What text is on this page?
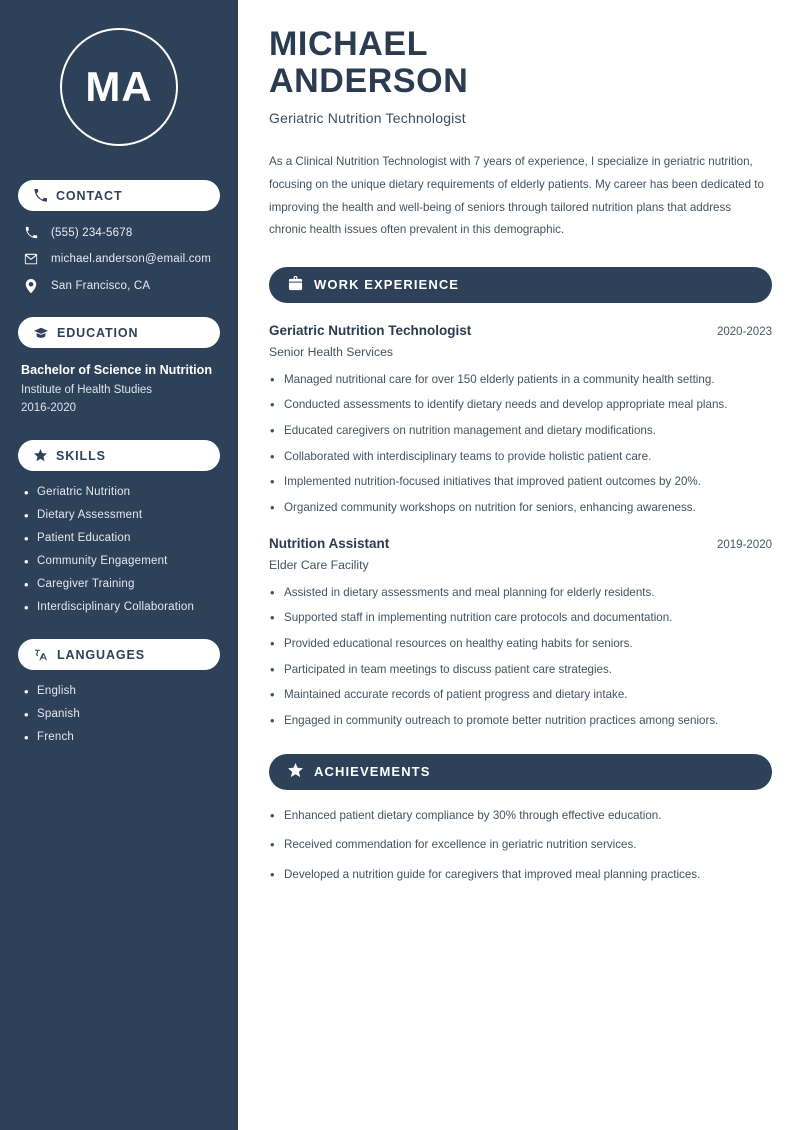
MA
CONTACT
(555) 234-5678
michael.anderson@email.com
San Francisco, CA
EDUCATION
Bachelor of Science in Nutrition
Institute of Health Studies
2016-2020
SKILLS
• Geriatric Nutrition
• Dietary Assessment
• Patient Education
• Community Engagement
• Caregiver Training
• Interdisciplinary Collaboration
LANGUAGES
• English
• Spanish
• French
MICHAEL
ANDERSON
Geriatric Nutrition Technologist

As a Clinical Nutrition Technologist with 7 years of experience, I specialize in geriatric nutrition, focusing on the unique dietary requirements of elderly patients. My career has been dedicated to improving the health and well-being of seniors through tailored nutrition plans that address chronic health issues often prevalent in this demographic.

WORK EXPERIENCE
Geriatric Nutrition Technologist	2020-2023
Senior Health Services
• Managed nutritional care for over 150 elderly patients in a community health setting.
• Conducted assessments to identify dietary needs and develop appropriate meal plans.
• Educated caregivers on nutrition management and dietary modifications.
• Collaborated with interdisciplinary teams to provide holistic patient care.
• Implemented nutrition-focused initiatives that improved patient outcomes by 20%.
• Organized community workshops on nutrition for seniors, enhancing awareness.
Nutrition Assistant	2019-2020
Elder Care Facility
• Assisted in dietary assessments and meal planning for elderly residents.
• Supported staff in implementing nutrition care protocols and documentation.
• Provided educational resources on healthy eating habits for seniors.
• Participated in team meetings to discuss patient care strategies.
• Maintained accurate records of patient progress and dietary intake.
• Engaged in community outreach to promote better nutrition practices among seniors.
ACHIEVEMENTS
• Enhanced patient dietary compliance by 30% through effective education.
• Received commendation for excellence in geriatric nutrition services.
• Developed a nutrition guide for caregivers that improved meal planning practices.
